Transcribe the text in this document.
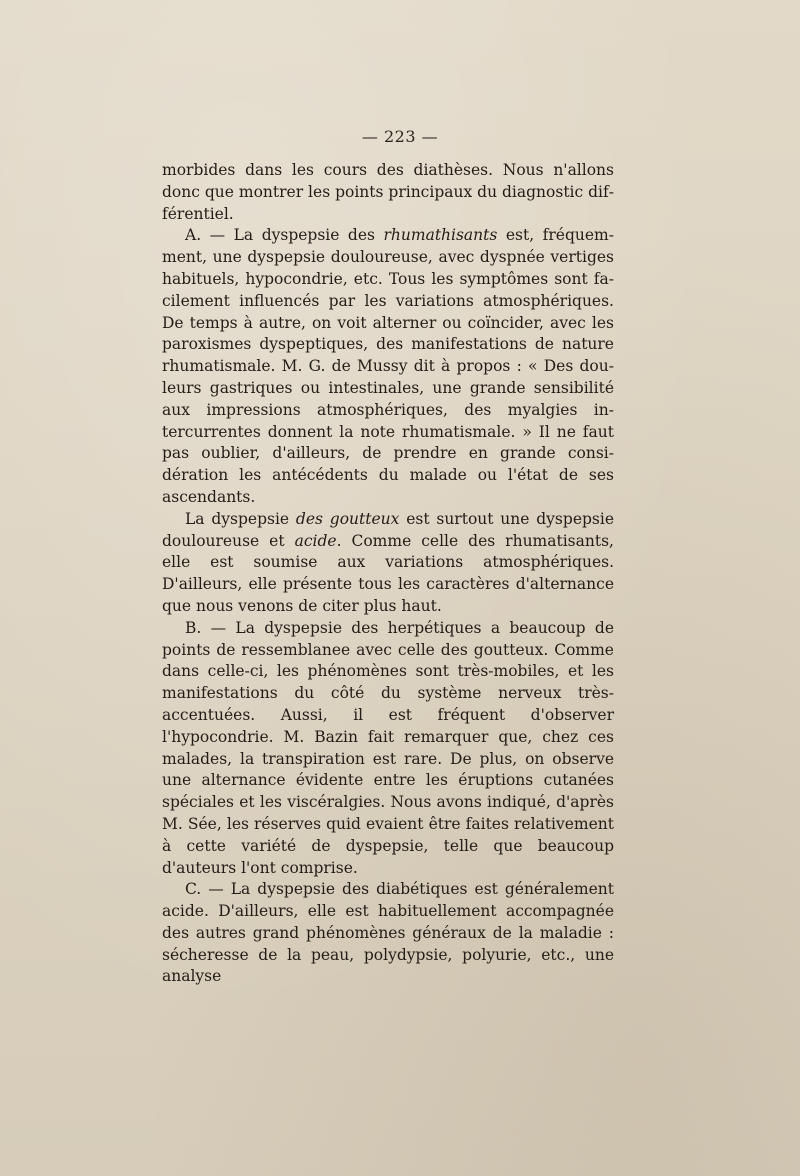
— 223 —

morbides dans les cours des diathèses. Nous n'allons donc que montrer les points principaux du diagnostic différentiel.

A. — La dyspepsie des rhumathisants est, fréquemment, une dyspepsie douloureuse, avec dyspnée vertiges habituels, hypocondrie, etc. Tous les symptômes sont facilement influencés par les variations atmosphériques. De temps à autre, on voit alterner ou coïncider, avec les paroxismes dyspeptiques, des manifestations de nature rhumatismale. M. G. de Mussy dit à propos : « Des douleurs gastriques ou intestinales, une grande sensibilité aux impressions atmosphériques, des myalgies intercurrentes donnent la note rhumatismale. » Il ne faut pas oublier, d'ailleurs, de prendre en grande considération les antécédents du malade ou l'état de ses ascendants.

La dyspepsie des goutteux est surtout une dyspepsie douloureuse et acide. Comme celle des rhumatisants, elle est soumise aux variations atmosphériques. D'ailleurs, elle présente tous les caractères d'alternance que nous venons de citer plus haut.

B. — La dyspepsie des herpétiques a beaucoup de points de ressemblanee avec celle des goutteux. Comme dans celle-ci, les phénomènes sont très-mobiles, et les manifestations du côté du système nerveux très-accentuées. Aussi, il est fréquent d'observer l'hypocondrie. M. Bazin fait remarquer que, chez ces malades, la transpiration est rare. De plus, on observe une alternance évidente entre les éruptions cutanées spéciales et les viscéralgies. Nous avons indiqué, d'après M. Sée, les réserves quid evaient être faites relativement à cette variété de dyspepsie, telle que beaucoup d'auteurs l'ont comprise.

C. — La dyspepsie des diabétiques est généralement acide. D'ailleurs, elle est habituellement accompagnée des autres grand phénomènes généraux de la maladie : sécheresse de la peau, polydypsie, polyurie, etc., une analyse
